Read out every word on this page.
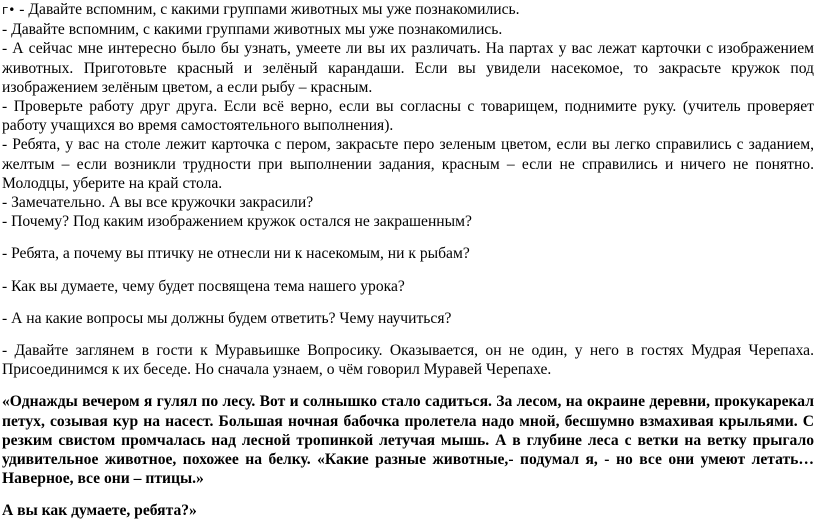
г• - Давайте вспомним, с какими группами животных мы уже познакомились.

- Давайте вспомним, с какими группами животных мы уже познакомились.

- А сейчас мне интересно было бы узнать, умеете ли вы их различать. На партах у вас лежат карточки с изображением животных. Приготовьте красный и зелёный карандаши. Если вы увидели насекомое, то закрасьте кружок под изображением зелёным цветом, а если рыбу – красным.

- Проверьте работу друг друга. Если всё верно, если вы согласны с товарищем, поднимите руку. (учитель проверяет работу учащихся во время самостоятельного выполнения).

- Ребята, у вас на столе лежит карточка с пером, закрасьте перо зеленым цветом, если вы легко справились с заданием, желтым – если возникли трудности при выполнении задания, красным – если не справились и ничего не понятно. Молодцы, уберите на край стола.

- Замечательно. А вы все кружочки закрасили?

- Почему? Под каким изображением кружок остался не закрашенным?

- Ребята, а почему вы птичку не отнесли ни к насекомым, ни к рыбам?

- Как вы думаете, чему будет посвящена тема нашего урока?

- А на какие вопросы мы должны будем ответить? Чему научиться?

- Давайте заглянем в гости к Муравьишке Вопросику. Оказывается, он не один, у него в гостях Мудрая Черепаха. Присоединимся к их беседе. Но сначала узнаем, о чём говорил Муравей Черепахе.

«Однажды вечером я гулял по лесу. Вот и солнышко стало садиться. За лесом, на окраине деревни, прокукарекал петух, созывая кур на насест. Большая ночная бабочка пролетела надо мной, бесшумно взмахивая крыльями. С резким свистом промчалась над лесной тропинкой летучая мышь. А в глубине леса с ветки на ветку прыгало удивительное животное, похожее на белку. «Какие разные животные,- подумал я, - но все они умеют летать… Наверное, все они – птицы.»

А вы как думаете, ребята?»
